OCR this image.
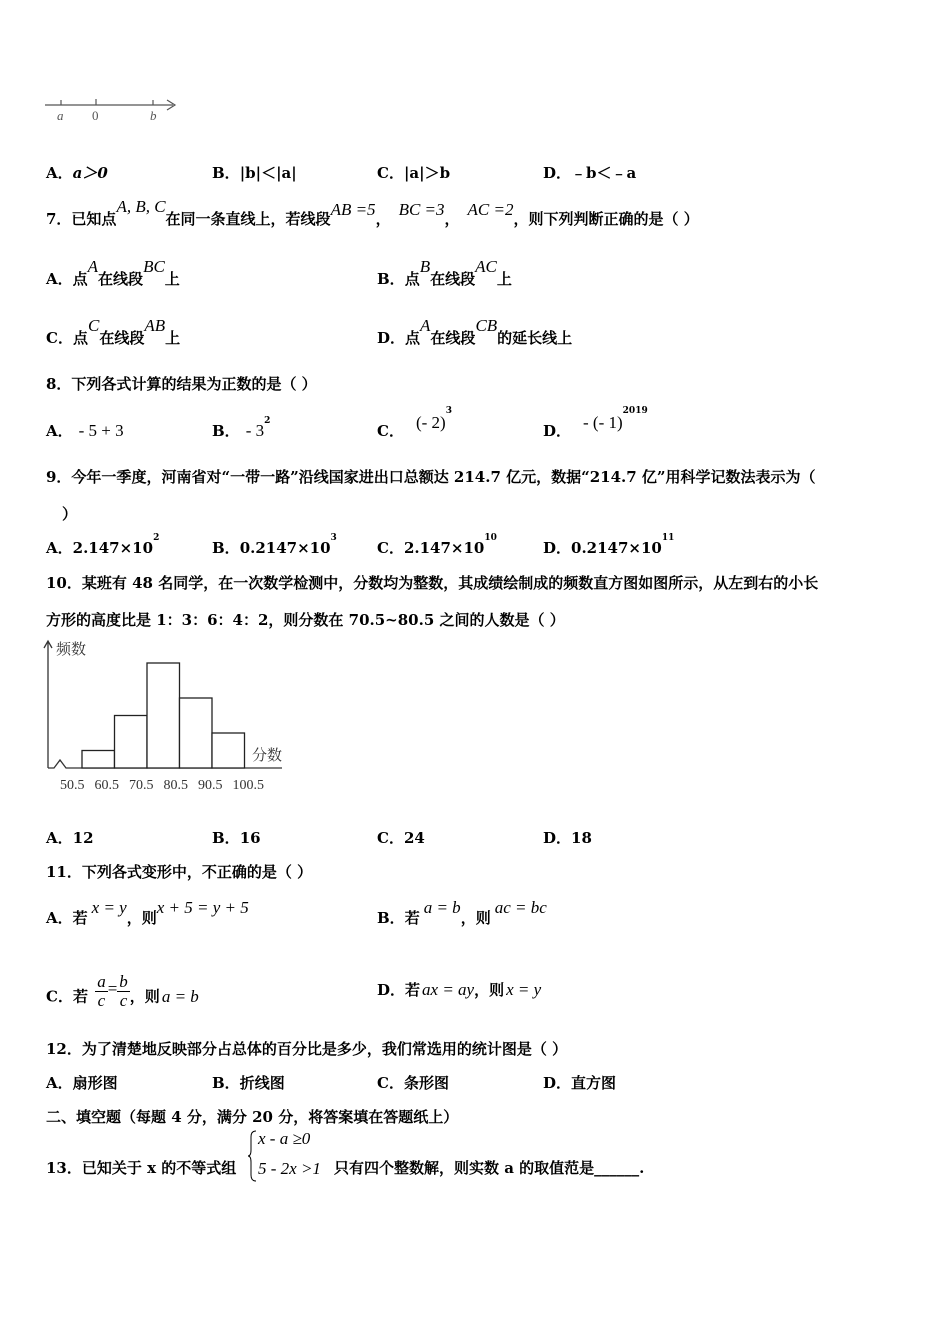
a 0	b
A．a＞0	B．|b|＜|a|	C．|a|＞b	D．﹣b＜﹣a
7．已知点A, B, C在同一条直线上，若线段AB =5， BC =3， AC =2，则下列判断正确的是（ ）
A．点A在线段BC上	B．点B在线段AC上
C．点C在线段AB上	D．点A在线段CB的延长线上
8．下列各式计算的结果为正数的是（ ）
A． - 5 + 3	B． - $3^2$
C． (- 2)$^3$
D． - (- 1)$^{2019}$
9．今年一季度，河南省对“一带一路”沿线国家进出口总额达 214.7 亿元，数据“214.7 亿”用科学记数法表示为（
）
A．$2.147\times 10^2$
B．$0.2147\times 10^3$
C．$2.147\times 10^{10}$
D．$0.2147\times 10^{11}$
10．某班有 48 名同学，在一次数学检测中，分数均为整数，其成绩绘制成的频数直方图如图所示，从左到右的小长
方形的高度比是 1：3：6：4：2，则分数在 70.5~80.5 之间的人数是（ ）
频数
分数
50.5 60.5 70.5 80.5 90.5 100.5
A．12	B．16	C．24	D．18
11．下列各式变形中，不正确的是（ ）
A．若x = y，则x + 5 = y + 5
B．若a = b，则ac = bc
C．若 $\frac{a}{c} = \frac{b}{c}$ ，则 a = b	D．若 ax = ay，则 x = y
12．为了清楚地反映部分占总体的百分比是多少，我们常选用的统计图是（ ）
A．扇形图	B．折线图	C．条形图	D．直方图
二、填空题（每题 4 分，满分 20 分，将答案填在答题纸上）
13．已知关于 x 的不等式组
x - a ≥0
5 - 2x >1 只有四个整数解，则实数 a 的取值范是______.
